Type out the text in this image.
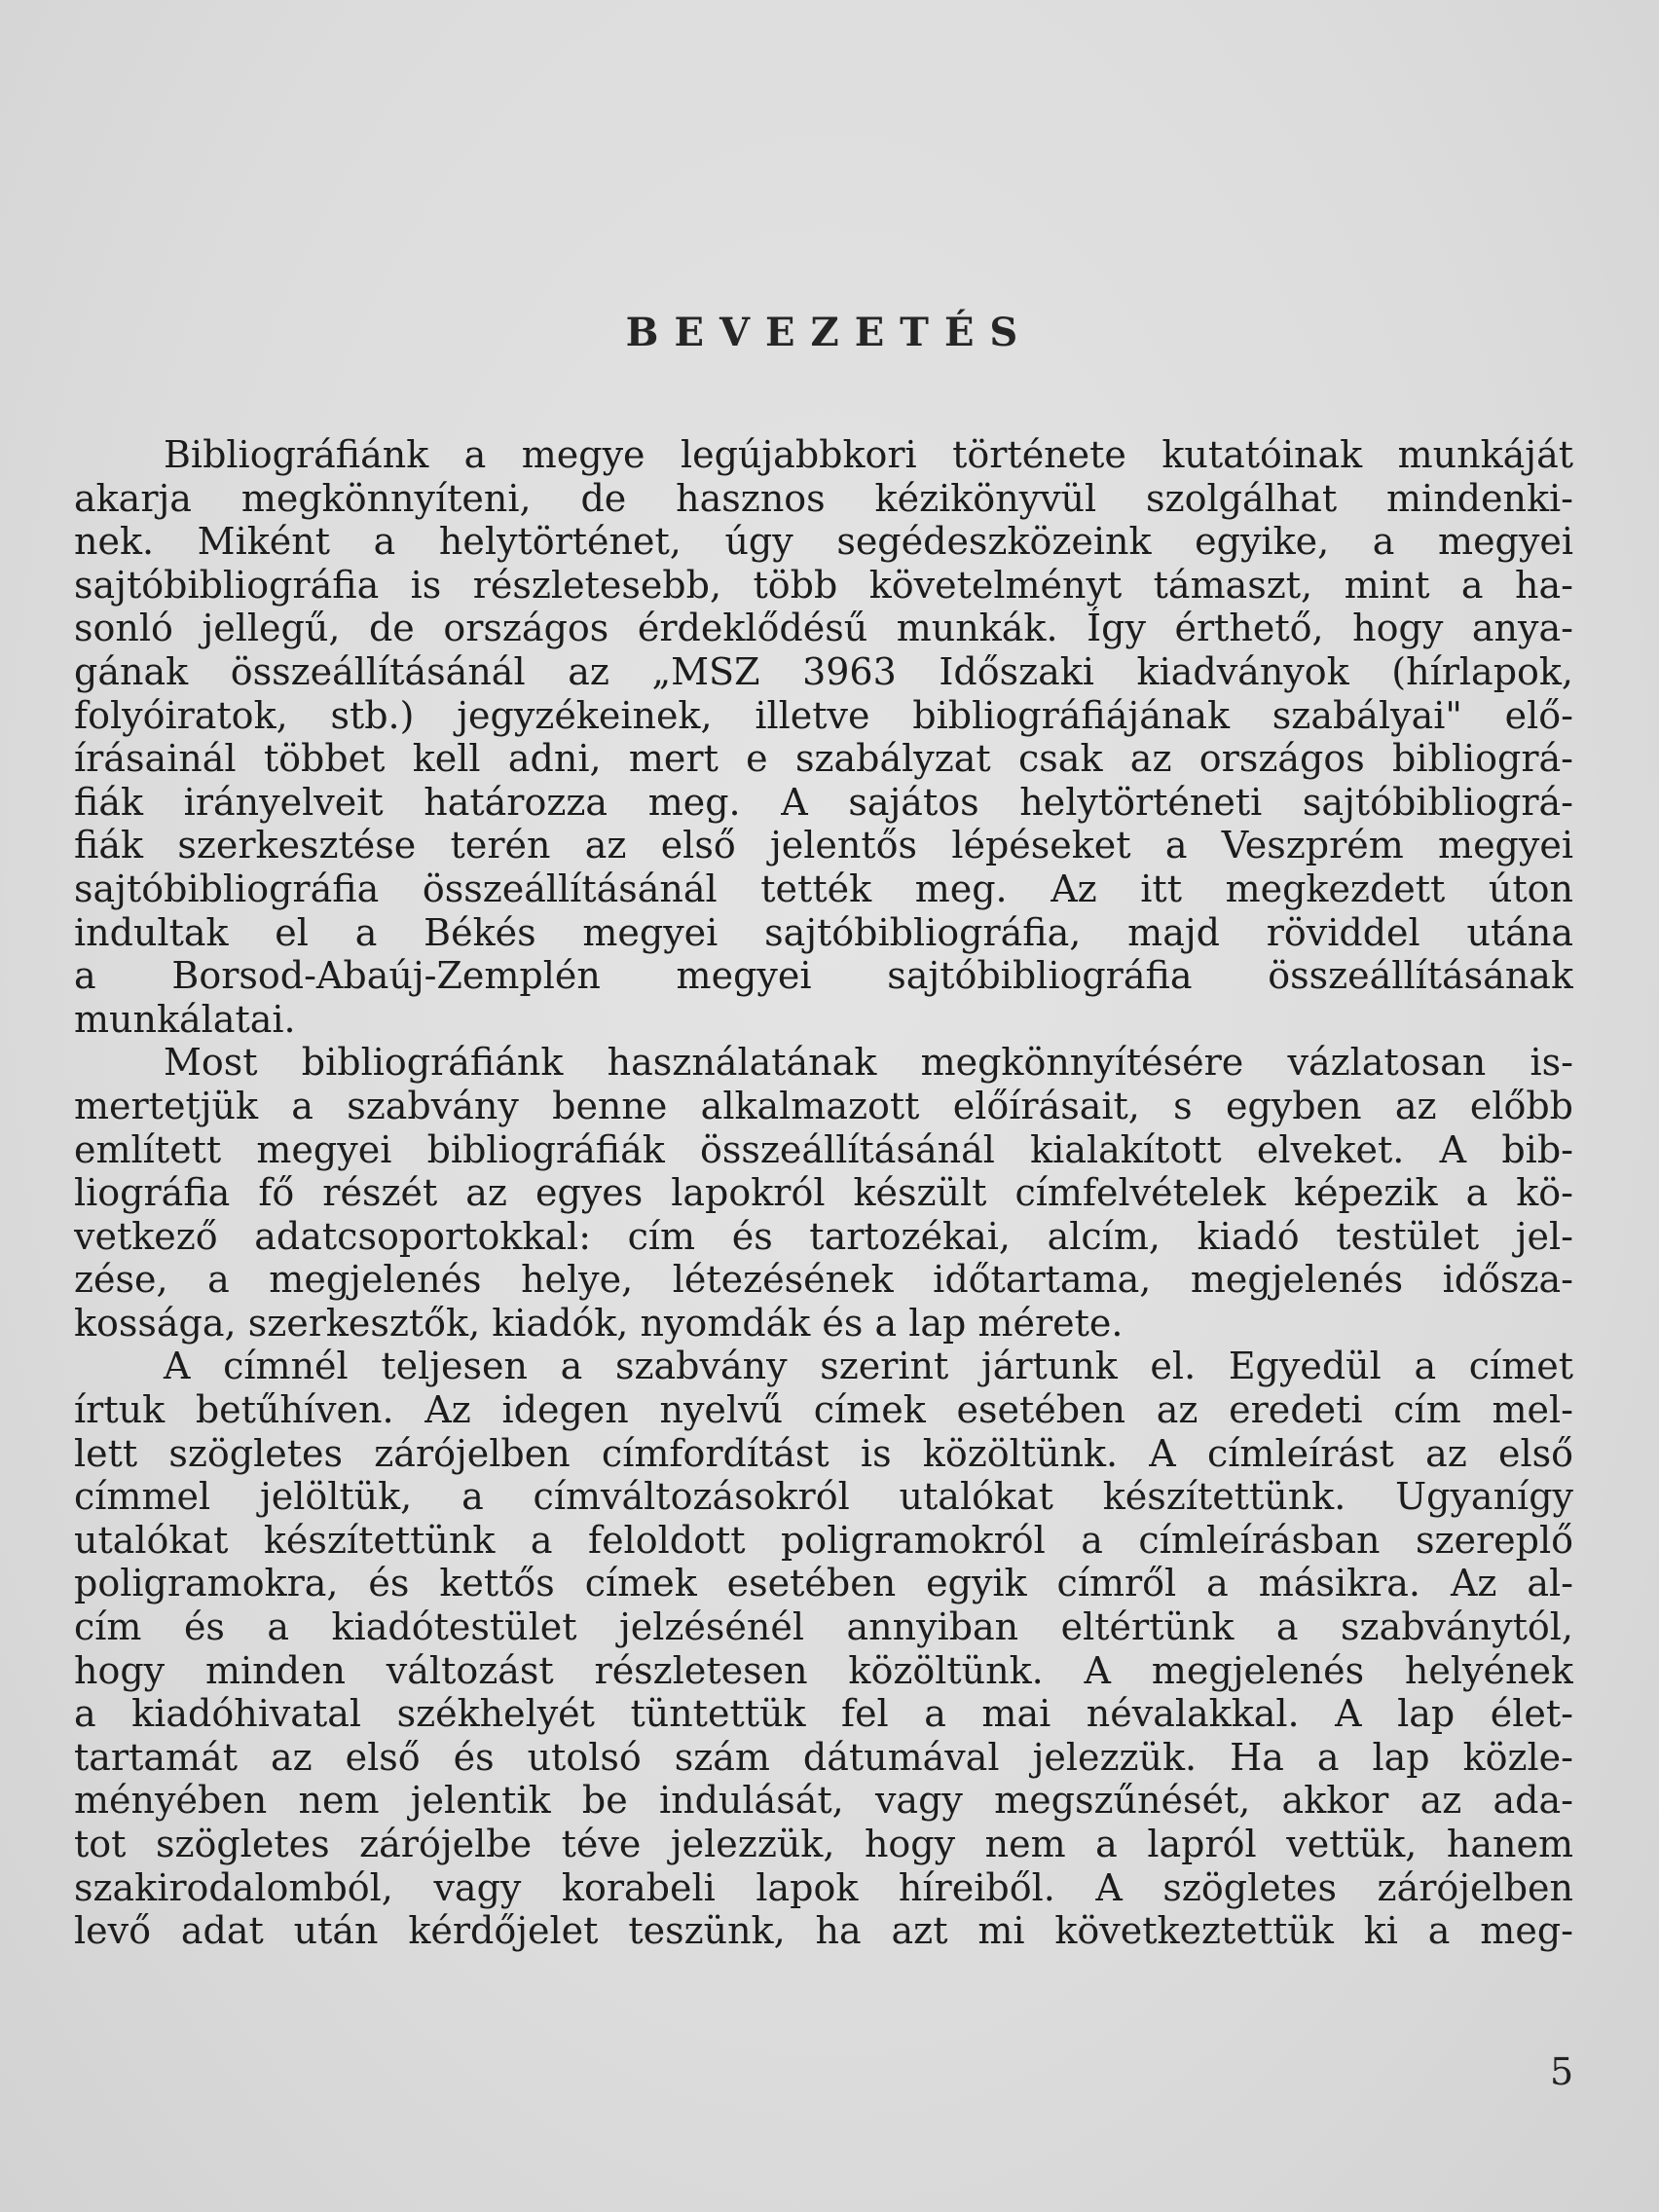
BEVEZETÉS
Bibliográfiánk a megye legújabbkori története kutatóinak munkáját
akarja megkönnyíteni, de hasznos kézikönyvül szolgálhat mindenki-
nek. Miként a helytörténet, úgy segédeszközeink egyike, a megyei
sajtóbibliográfia is részletesebb, több követelményt támaszt, mint a ha-
sonló jellegű, de országos érdeklődésű munkák. Így érthető, hogy anya-
gának összeállításánál az „MSZ 3963 Időszaki kiadványok (hírlapok,
folyóiratok, stb.) jegyzékeinek, illetve bibliográfiájának szabályai" elő-
írásainál többet kell adni, mert e szabályzat csak az országos bibliográ-
fiák irányelveit határozza meg. A sajátos helytörténeti sajtóbibliográ-
fiák szerkesztése terén az első jelentős lépéseket a Veszprém megyei
sajtóbibliográfia összeállításánál tették meg. Az itt megkezdett úton
indultak el a Békés megyei sajtóbibliográfia, majd röviddel utána
a Borsod-Abaúj-Zemplén megyei sajtóbibliográfia összeállításának
munkálatai.
Most bibliográfiánk használatának megkönnyítésére vázlatosan is-
mertetjük a szabvány benne alkalmazott előírásait, s egyben az előbb
említett megyei bibliográfiák összeállításánál kialakított elveket. A bib-
liográfia fő részét az egyes lapokról készült címfelvételek képezik a kö-
vetkező adatcsoportokkal: cím és tartozékai, alcím, kiadó testület jel-
zése, a megjelenés helye, létezésének időtartama, megjelenés idősza-
kossága, szerkesztők, kiadók, nyomdák és a lap mérete.
A címnél teljesen a szabvány szerint jártunk el. Egyedül a címet
írtuk betűhíven. Az idegen nyelvű címek esetében az eredeti cím mel-
lett szögletes zárójelben címfordítást is közöltünk. A címleírást az első
címmel jelöltük, a címváltozásokról utalókat készítettünk. Ugyanígy
utalókat készítettünk a feloldott poligramokról a címleírásban szereplő
poligramokra, és kettős címek esetében egyik címről a másikra. Az al-
cím és a kiadótestület jelzésénél annyiban eltértünk a szabványtól,
hogy minden változást részletesen közöltünk. A megjelenés helyének
a kiadóhivatal székhelyét tüntettük fel a mai névalakkal. A lap élet-
tartamát az első és utolsó szám dátumával jelezzük. Ha a lap közle-
ményében nem jelentik be indulását, vagy megszűnését, akkor az ada-
tot szögletes zárójelbe téve jelezzük, hogy nem a lapról vettük, hanem
szakirodalomból, vagy korabeli lapok híreiből. A szögletes zárójelben
levő adat után kérdőjelet teszünk, ha azt mi következtettük ki a meg-
5
